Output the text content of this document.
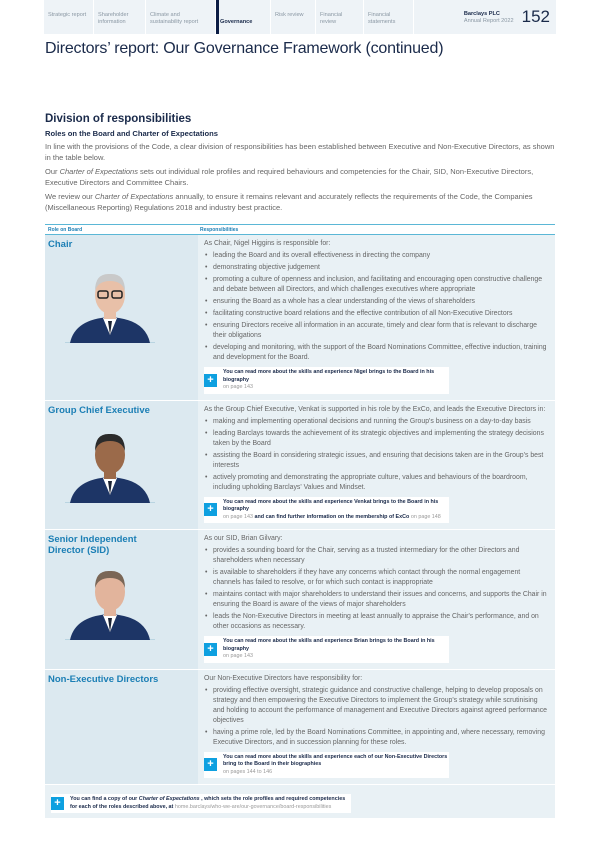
Strategic report	Shareholder information
Climate and sustainability report	Governance
Risk review	Financial review
Financial statements
Barclays PLC
Annual Report 2022 152
Directors’ report: Our Governance Framework (continued)
Division of responsibilities
Roles on the Board and Charter of Expectations
In line with the provisions of the Code, a clear division of responsibilities has been established between Executive and Non-Executive Directors, as shown in the table below.
Our Charter of Expectations sets out individual role profiles and required behaviours and competencies for the Chair, SID, Non-Executive Directors, Executive Directors and Committee Chairs.
We review our Charter of Expectations annually, to ensure it remains relevant and accurately reflects the requirements of the Code, the Companies (Miscellaneous Reporting) Regulations 2018 and industry best practice.
Role on Board	Responsibilities
Chair	As Chair, Nigel Higgins is responsible for:
• leading the Board and its overall effectiveness in directing the company
• demonstrating objective judgement
• promoting a culture of openness and inclusion, and facilitating and encouraging open constructive challenge and debate between all Directors, and which challenges executives where appropriate
• ensuring the Board as a whole has a clear understanding of the views of shareholders
• facilitating constructive board relations and the effective contribution of all Non-Executive Directors
• ensuring Directors receive all information in an accurate, timely and clear form that is relevant to discharge their obligations
• developing and monitoring, with the support of the Board Nominations Committee, effective induction, training and development for the Board.
+
You can read more about the skills and experience Nigel brings to the Board in his biography
on page 143
Group Chief Executive	As the Group Chief Executive, Venkat is supported in his role by the ExCo, and leads the Executive Directors in:
• making and implementing operational decisions and running the Group's business on a day-to-day basis
• leading Barclays towards the achievement of its strategic objectives and implementing the strategy decisions taken by the Board
• assisting the Board in considering strategic issues, and ensuring that decisions taken are in the Group's best interests
• actively promoting and demonstrating the appropriate culture, values and behaviours of the boardroom, including upholding Barclays' Values and Mindset.
+
You can read more about the skills and experience Venkat brings to the Board in his biography
on page 143 and can find further information on the membership of ExCo on page 148
Senior Independent Director (SID)
As our SID, Brian Gilvary:
• provides a sounding board for the Chair, serving as a trusted intermediary for the other Directors and shareholders when necessary
• is available to shareholders if they have any concerns which contact through the normal engagement channels has failed to resolve, or for which such contact is inappropriate
• maintains contact with major shareholders to understand their issues and concerns, and supports the Chair in ensuring the Board is aware of the views of major shareholders
• leads the Non-Executive Directors in meeting at least annually to appraise the Chair's performance, and on other occasions as necessary.
+
You can read more about the skills and experience Brian brings to the Board in his biography
on page 143
Non-Executive Directors	Our Non-Executive Directors have responsibility for:
• providing effective oversight, strategic guidance and constructive challenge, helping to develop proposals on strategy and then empowering the Executive Directors to implement the Group's strategy while scrutinising and holding to account the performance of management and Executive Directors against agreed performance objectives
• having a prime role, led by the Board Nominations Committee, in appointing and, where necessary, removing Executive Directors, and in succession planning for these roles.
+
You can read more about the skills and experience each of our Non-Executive Directors bring to the Board in their biographies
on pages 144 to 146
+	You can find a copy of our Charter of Expectations , which sets the role profiles and required competencies for each of the roles described above, at home.barclays/who-we-are/our-governance/board-responsibilities
